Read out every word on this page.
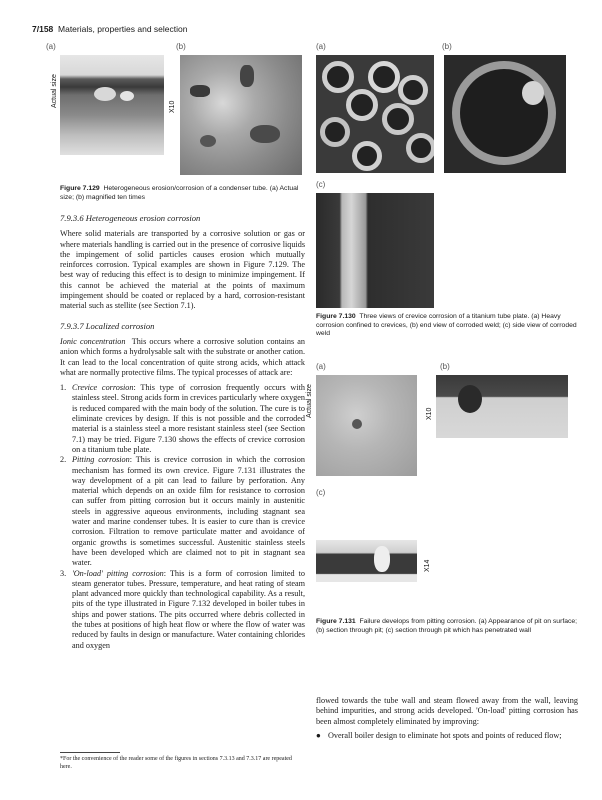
7/158 Materials, properties and selection
(a)	(b)
Actual size	X10
Figure 7.129 Heterogeneous erosion/corrosion of a condenser tube. (a) Actual size; (b) magnified ten times
(a)	(b)
(c)
Figure 7.130 Three views of crevice corrosion of a titanium tube plate. (a) Heavy corrosion confined to crevices, (b) end view of corroded weld; (c) side view of corroded weld
(a)	(b)
Actual size	X10
(c)
X14
Figure 7.131 Failure develops from pitting corrosion. (a) Appearance of pit on surface; (b) section through pit; (c) section through pit which has penetrated wall
7.9.3.6 Heterogeneous erosion corrosion

Where solid materials are transported by a corrosive solution or gas or where materials handling is carried out in the presence of corrosive liquids the impingement of solid particles causes erosion which mutually reinforces corrosion. Typical examples are shown in Figure 7.129. The best way of reducing this effect is to design to minimize impingement. If this cannot be achieved the material at the points of maximum impingement should be coated or replaced by a hard, corrosion-resistant material such as stellite (see Section 7.1).

7.9.3.7 Localized corrosion

Ionic concentration This occurs where a corrosive solution contains an anion which forms a hydrolysable salt with the substrate or another cation. It can lead to the local concentration of quite strong acids, which attack what are normally protective films. The typical processes of attack are:

1. Crevice corrosion: This type of corrosion frequently occurs with stainless steel. Strong acids form in crevices particularly where oxygen is reduced compared with the main body of the solution. The cure is to eliminate crevices by design. If this is not possible and the corroded material is a stainless steel a more resistant stainless steel (see Section 7.1) may be tried. Figure 7.130 shows the effects of crevice corrosion on a titanium tube plate.
2. Pitting corrosion: This is crevice corrosion in which the corrosion mechanism has formed its own crevice. Figure 7.131 illustrates the way development of a pit can lead to failure by perforation. Any material which depends on an oxide film for resistance to corrosion can suffer from pitting corrosion but it occurs mainly in austenitic steels in aggressive aqueous environments, including stagnant sea water and marine condenser tubes. It is easier to cure than is crevice corrosion. Filtration to remove particulate matter and avoidance of organic growths is sometimes successful. Austenitic stainless steels have been developed which are claimed not to pit in stagnant sea water.
3. 'On-load' pitting corrosion: This is a form of corrosion limited to steam generator tubes. Pressure, temperature, and heat rating of steam plant advanced more quickly than technological capability. As a result, pits of the type illustrated in Figure 7.132 developed in boiler tubes in ships and power stations. The pits occurred where debris collected in the tubes at positions of high heat flow or where the flow of water was reduced by faults in design or manufacture. Water containing chlorides and oxygen
*For the convenience of the reader some of the figures in sections 7.3.13 and 7.3.17 are repeated here.

flowed towards the tube wall and steam flowed away from the wall, leaving behind impurities, and strong acids developed. 'On-load' pitting corrosion has been almost completely eliminated by improving:

● Overall boiler design to eliminate hot spots and points of reduced flow;
